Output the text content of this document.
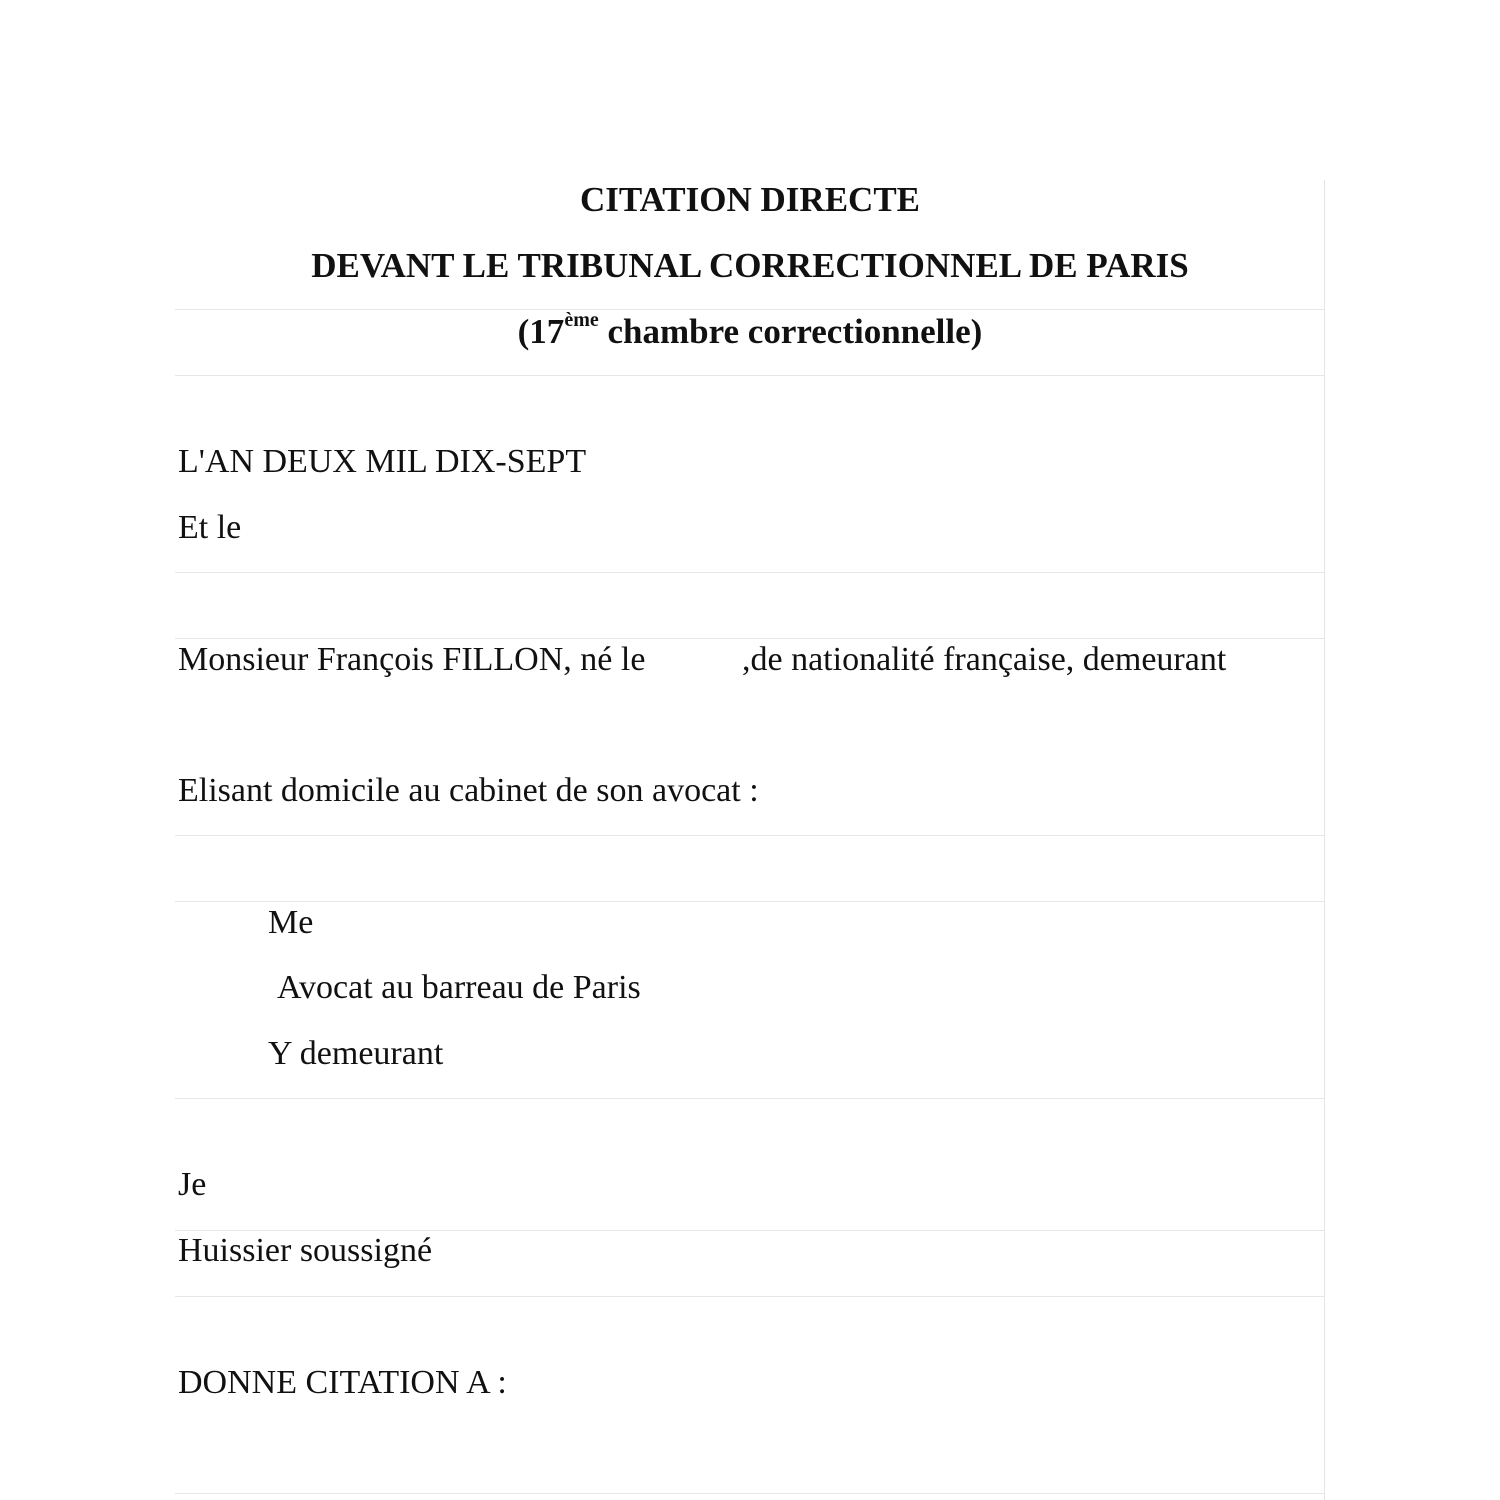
CITATION DIRECTE
DEVANT LE TRIBUNAL CORRECTIONNEL DE PARIS
(17ème chambre correctionnelle)
L'AN DEUX MIL DIX-SEPT
Et le
Monsieur François FILLON, né le	,de nationalité française, demeurant
Elisant domicile au cabinet de son avocat :
Me
Avocat au barreau de Paris
Y demeurant
Je
Huissier soussigné
DONNE CITATION A :
